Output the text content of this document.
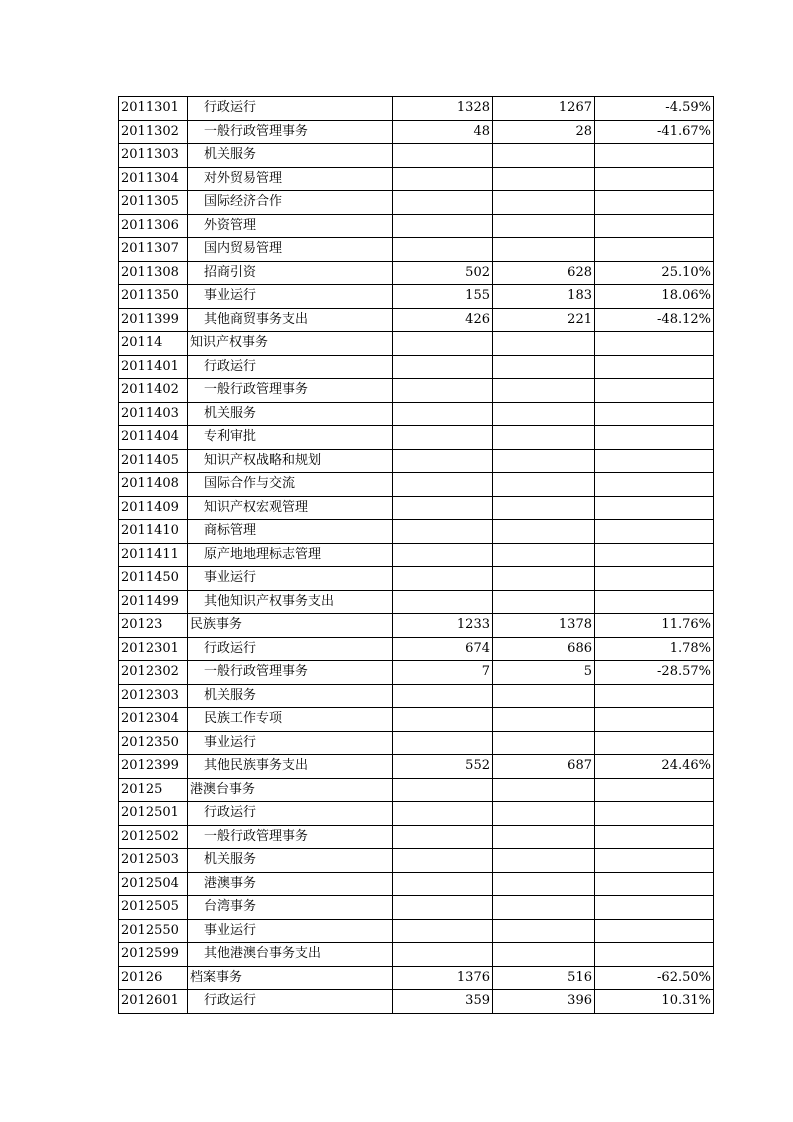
2011301	行政运行	1328	1267	-4.59%
2011302	一般行政管理事务	48	28	-41.67%
2011303	机关服务			
2011304	对外贸易管理			
2011305	国际经济合作			
2011306	外资管理			
2011307	国内贸易管理			
2011308	招商引资	502	628	25.10%
2011350	事业运行	155	183	18.06%
2011399	其他商贸事务支出	426	221	-48.12%
20114	知识产权事务			
2011401	行政运行			
2011402	一般行政管理事务			
2011403	机关服务			
2011404	专利审批			
2011405	知识产权战略和规划			
2011408	国际合作与交流			
2011409	知识产权宏观管理			
2011410	商标管理			
2011411	原产地地理标志管理			
2011450	事业运行			
2011499	其他知识产权事务支出			
20123	民族事务	1233	1378	11.76%
2012301	行政运行	674	686	1.78%
2012302	一般行政管理事务	7	5	-28.57%
2012303	机关服务			
2012304	民族工作专项			
2012350	事业运行			
2012399	其他民族事务支出	552	687	24.46%
20125	港澳台事务			
2012501	行政运行			
2012502	一般行政管理事务			
2012503	机关服务			
2012504	港澳事务			
2012505	台湾事务			
2012550	事业运行			
2012599	其他港澳台事务支出			
20126	档案事务	1376	516	-62.50%
2012601	行政运行	359	396	10.31%
